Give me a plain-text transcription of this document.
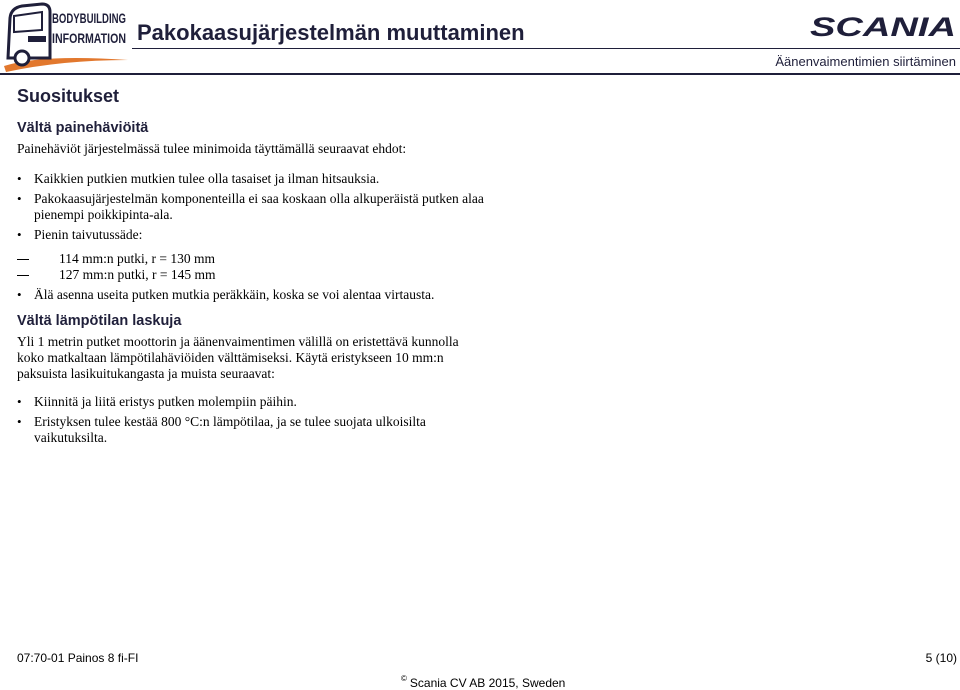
BODYBUILDING
INFORMATION Pakokaasujärjestelmän muuttaminen	SCANIA
Äänenvaimentimien siirtäminen
Suositukset
Vältä painehäviöitä

Painehäviöt järjestelmässä tulee minimoida täyttämällä seuraavat ehdot:

• Kaikkien putkien mutkien tulee olla tasaiset ja ilman hitsauksia.
• Pakokaasujärjestelmän komponenteilla ei saa koskaan olla alkuperäistä putken alaa pienempi poikkipinta-ala.
• Pienin taivutussäde:
114 mm:n putki, r = 130 mm
127 mm:n putki, r = 145 mm
• Älä asenna useita putken mutkia peräkkäin, koska se voi alentaa virtausta.
Vältä lämpötilan laskuja

Yli 1 metrin putket moottorin ja äänenvaimentimen välillä on eristettävä kunnolla koko matkaltaan lämpötilahäviöiden välttämiseksi. Käytä eristykseen 10 mm:n paksuista lasikuitukangasta ja muista seuraavat:

• Kiinnitä ja liitä eristys putken molempiin päihin.
• Eristyksen tulee kestää 800 °C:n lämpötilaa, ja se tulee suojata ulkoisilta vaikutuksilta.
07:70-01 Painos 8 fi-FI	5 (10)
© Scania CV AB 2015, Sweden
